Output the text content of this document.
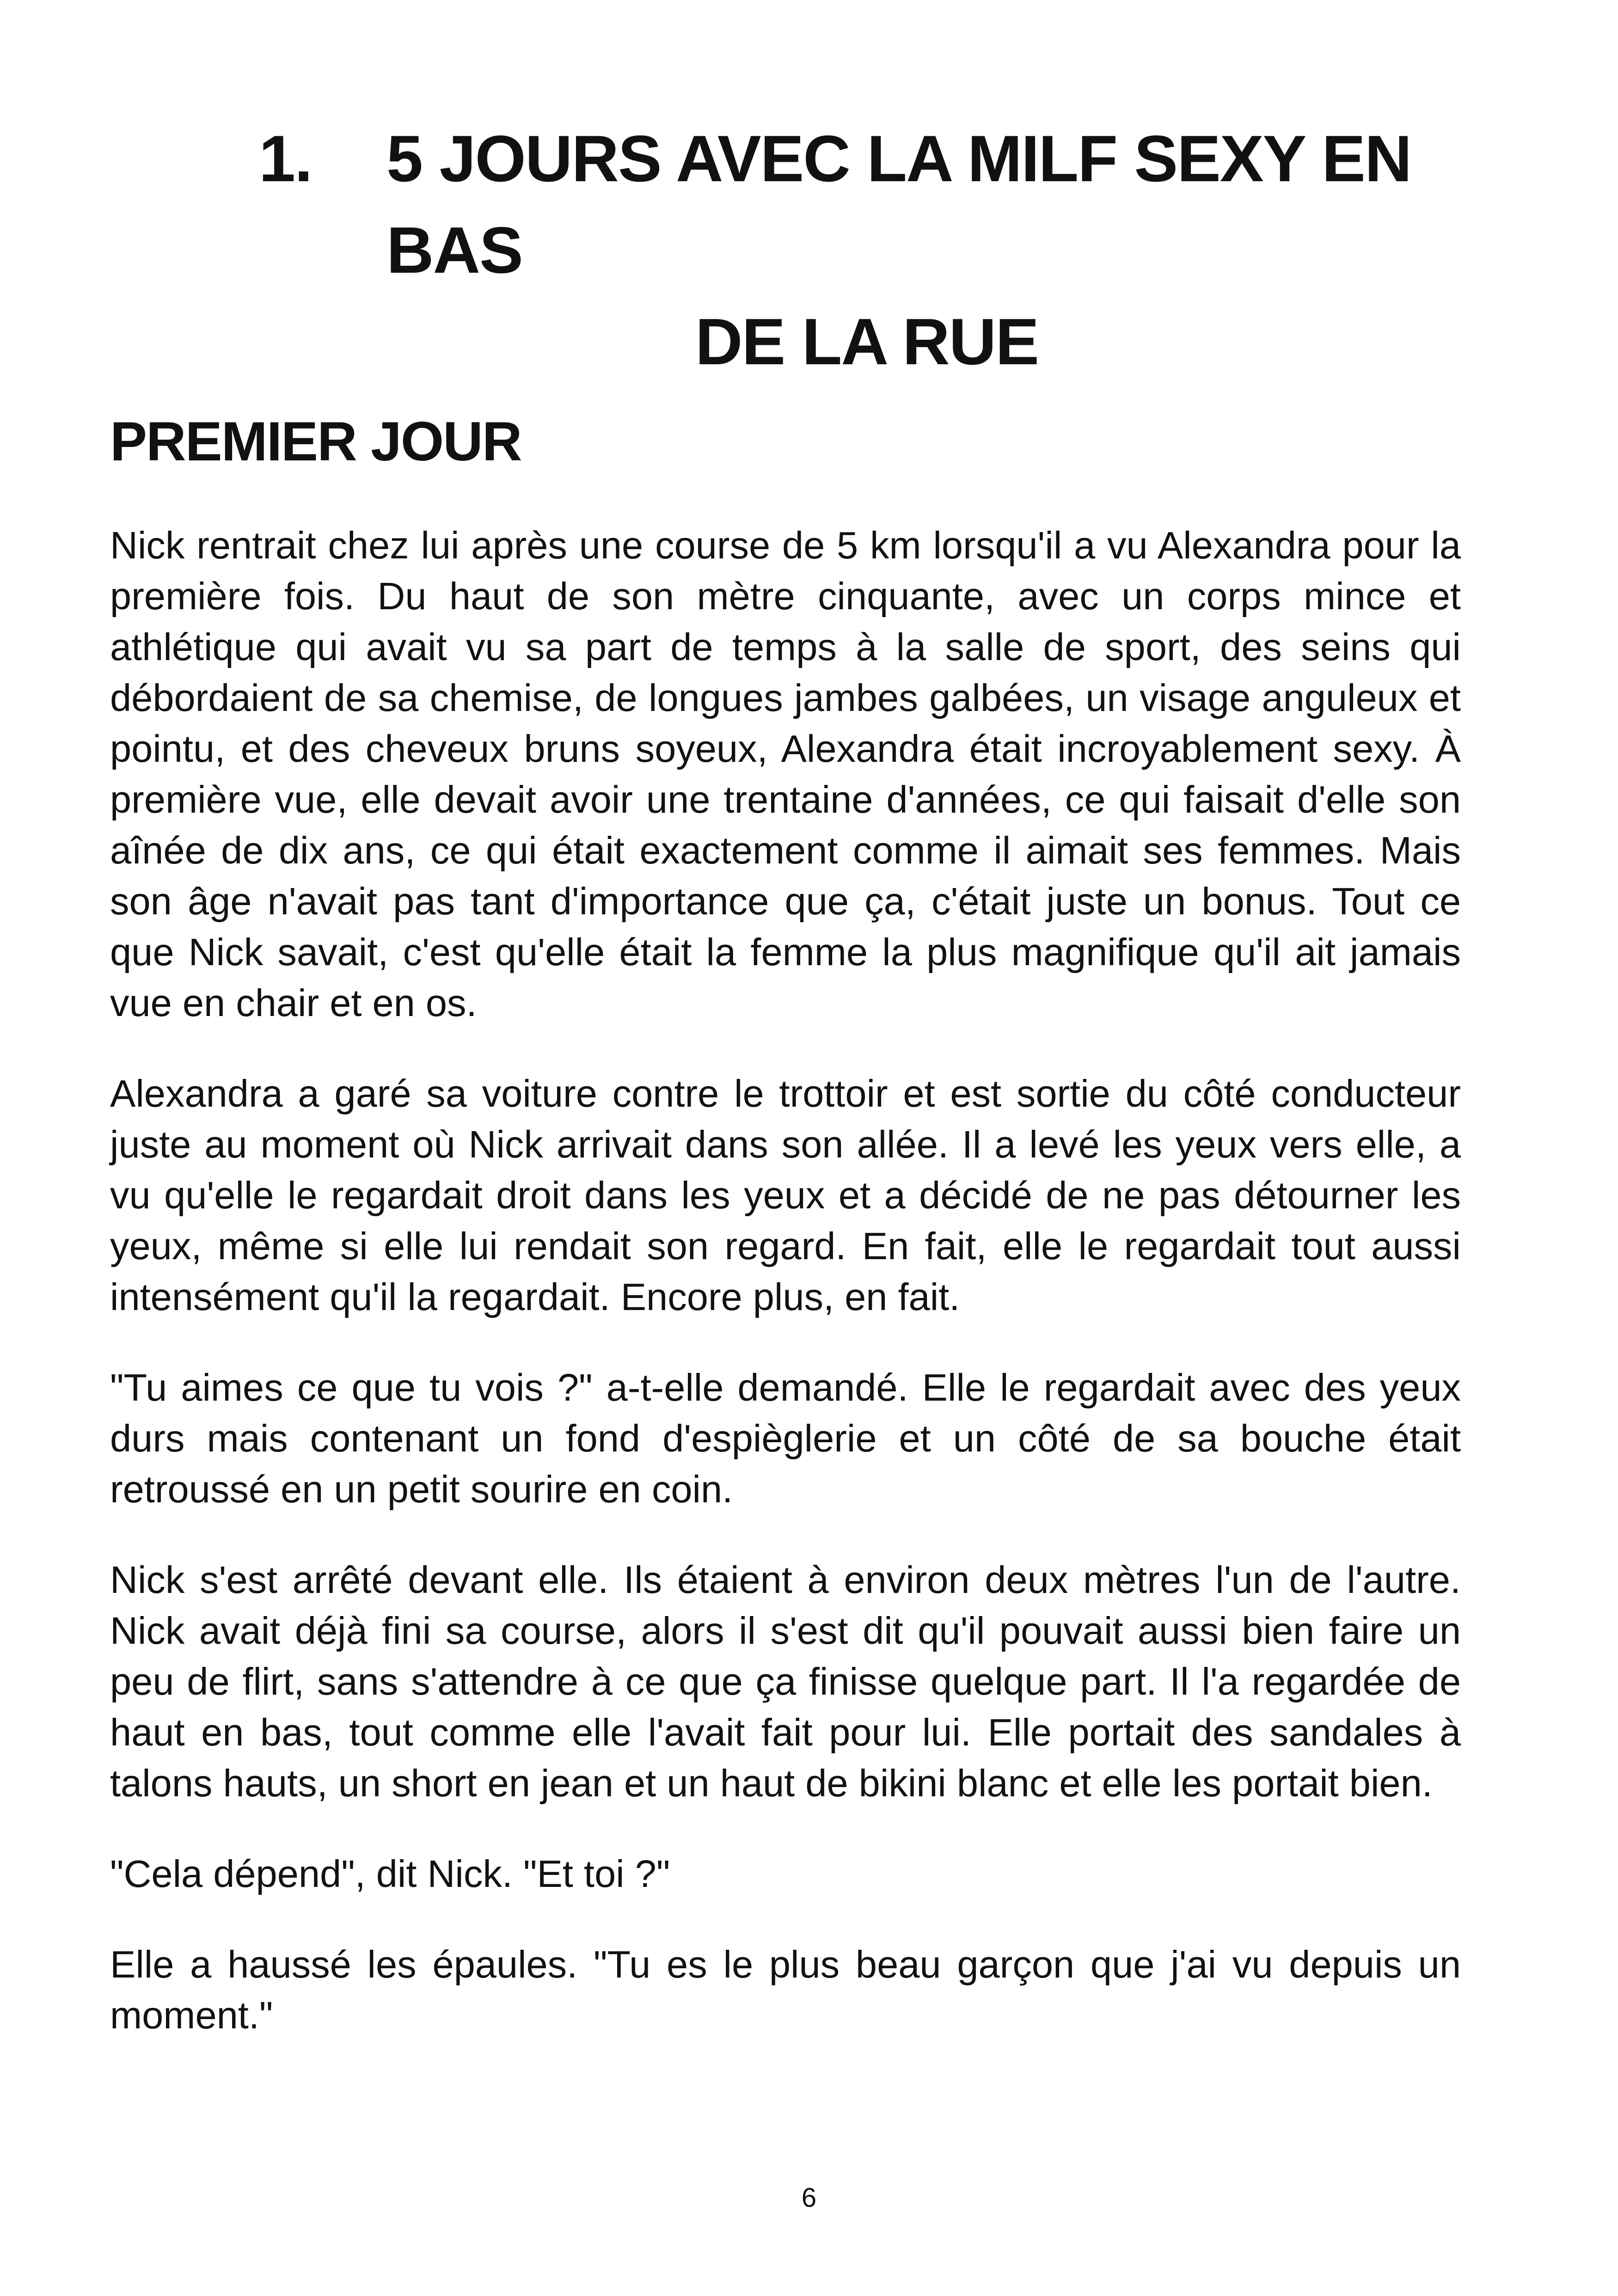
1.	5 JOURS AVEC LA MILF SEXY EN BAS
DE LA RUE
PREMIER JOUR

Nick rentrait chez lui après une course de 5 km lorsqu'il a vu Alexandra pour la première fois. Du haut de son mètre cinquante, avec un corps mince et athlétique qui avait vu sa part de temps à la salle de sport, des seins qui débordaient de sa chemise, de longues jambes galbées, un visage anguleux et pointu, et des cheveux bruns soyeux, Alexandra était incroyablement sexy. À première vue, elle devait avoir une trentaine d'années, ce qui faisait d'elle son aînée de dix ans, ce qui était exactement comme il aimait ses femmes. Mais son âge n'avait pas tant d'importance que ça, c'était juste un bonus. Tout ce que Nick savait, c'est qu'elle était la femme la plus magnifique qu'il ait jamais vue en chair et en os.

Alexandra a garé sa voiture contre le trottoir et est sortie du côté conducteur juste au moment où Nick arrivait dans son allée. Il a levé les yeux vers elle, a vu qu'elle le regardait droit dans les yeux et a décidé de ne pas détourner les yeux, même si elle lui rendait son regard. En fait, elle le regardait tout aussi intensément qu'il la regardait. Encore plus, en fait.

"Tu aimes ce que tu vois ?" a-t-elle demandé. Elle le regardait avec des yeux durs mais contenant un fond d'espièglerie et un côté de sa bouche était retroussé en un petit sourire en coin.

Nick s'est arrêté devant elle. Ils étaient à environ deux mètres l'un de l'autre. Nick avait déjà fini sa course, alors il s'est dit qu'il pouvait aussi bien faire un peu de flirt, sans s'attendre à ce que ça finisse quelque part. Il l'a regardée de haut en bas, tout comme elle l'avait fait pour lui. Elle portait des sandales à talons hauts, un short en jean et un haut de bikini blanc et elle les portait bien.

"Cela dépend", dit Nick. "Et toi ?"

Elle a haussé les épaules. "Tu es le plus beau garçon que j'ai vu depuis un moment."

6
